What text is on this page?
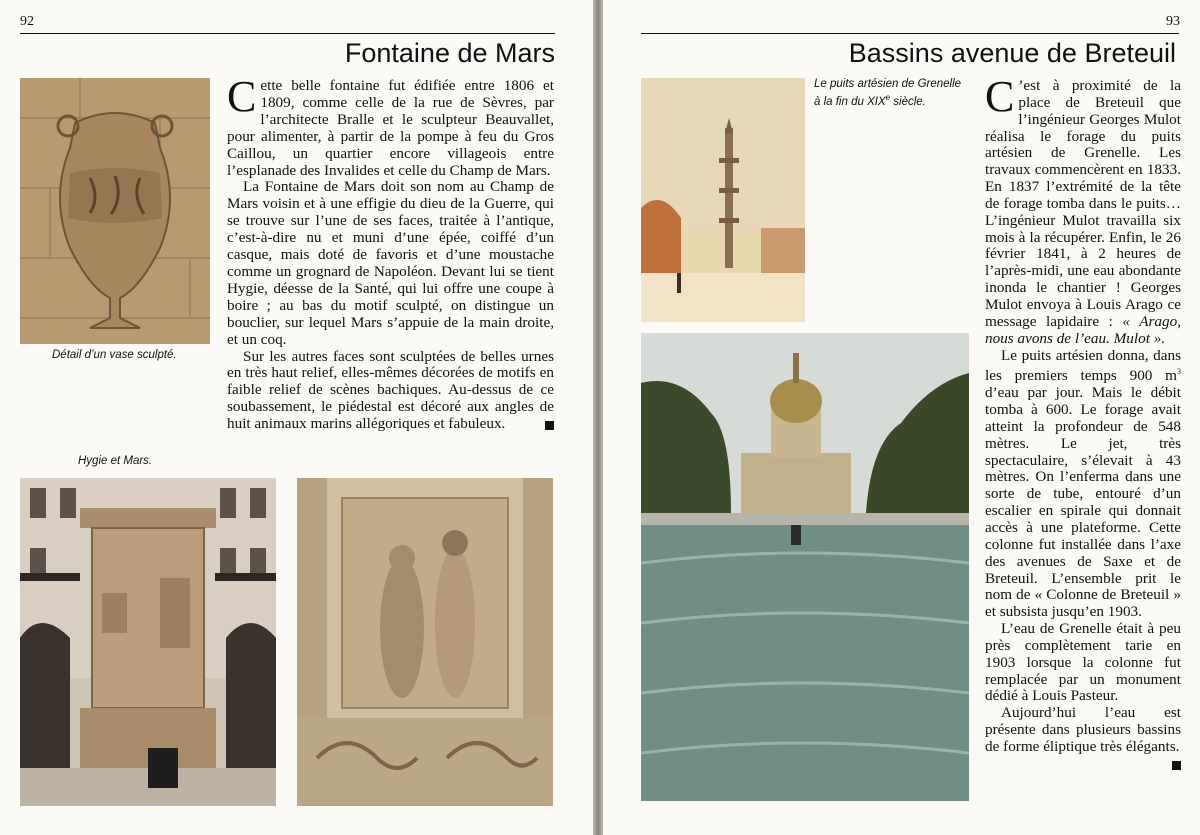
92
Fontaine de Mars
Détail d’un vase sculpté.

Cette belle fontaine fut édifiée entre 1806 et 1809, comme celle de la rue de Sèvres, par l’architecte Bralle et le sculpteur Beauvallet, pour alimenter, à partir de la pompe à feu du Gros Caillou, un quartier encore villageois entre l’esplanade des Invalides et celle du Champ de Mars.

La Fontaine de Mars doit son nom au Champ de Mars voisin et à une effigie du dieu de la Guerre, qui se trouve sur l’une de ses faces, traitée à l’antique, c’est-à-dire nu et muni d’une épée, coiffé d’un casque, mais doté de favoris et d’une moustache comme un grognard de Napoléon. Devant lui se tient Hygie, déesse de la Santé, qui lui offre une coupe à boire ; au bas du motif sculpté, on distingue un bouclier, sur lequel Mars s’appuie de la main droite, et un coq.

Sur les autres faces sont sculptées de belles urnes en très haut relief, elles-mêmes décorées de motifs en faible relief de scènes bachiques. Au-dessus de ce soubassement, le piédestal est décoré aux angles de huit animaux marins allégoriques et fabuleux.

Hygie et Mars.
93
Bassins avenue de Breteuil
Le puits artésien de Grenelle
à la fin du XIXe siècle.	C ’est à proximité de la place de Breteuil que l’ingénieur Georges Mulot réalisa le forage du puits artésien de Grenelle. Les travaux commencèrent en 1833. En 1837 l’extrémité de la tête de forage tomba dans le puits… L’ingénieur Mulot travailla six mois à la récupérer. Enfin, le 26 février 1841, à 2 heures de l’après-midi, une eau abondante inonda le chantier ! Georges Mulot envoya à Louis Arago ce message lapidaire : « Arago, nous avons de l’eau. Mulot ».

Le puits artésien donna, dans les premiers temps 900 $m^3$ d’eau par jour. Mais le débit tomba à 600. Le forage avait atteint la profondeur de 548 mètres. Le jet, très spectaculaire, s’élevait à 43 mètres. On l’enferma dans une sorte de tube, entouré d’un escalier en spirale qui donnait accès à une plateforme. Cette colonne fut installée dans l’axe des avenues de Saxe et de Breteuil. L’ensemble prit le nom de « Colonne de Breteuil » et subsista jusqu’en 1903.

L’eau de Grenelle était à peu près complètement tarie en 1903 lorsque la colonne fut remplacée par un monument dédié à Louis Pasteur.

Aujourd’hui l’eau est présente dans plusieurs bassins de forme éliptique très élégants.
